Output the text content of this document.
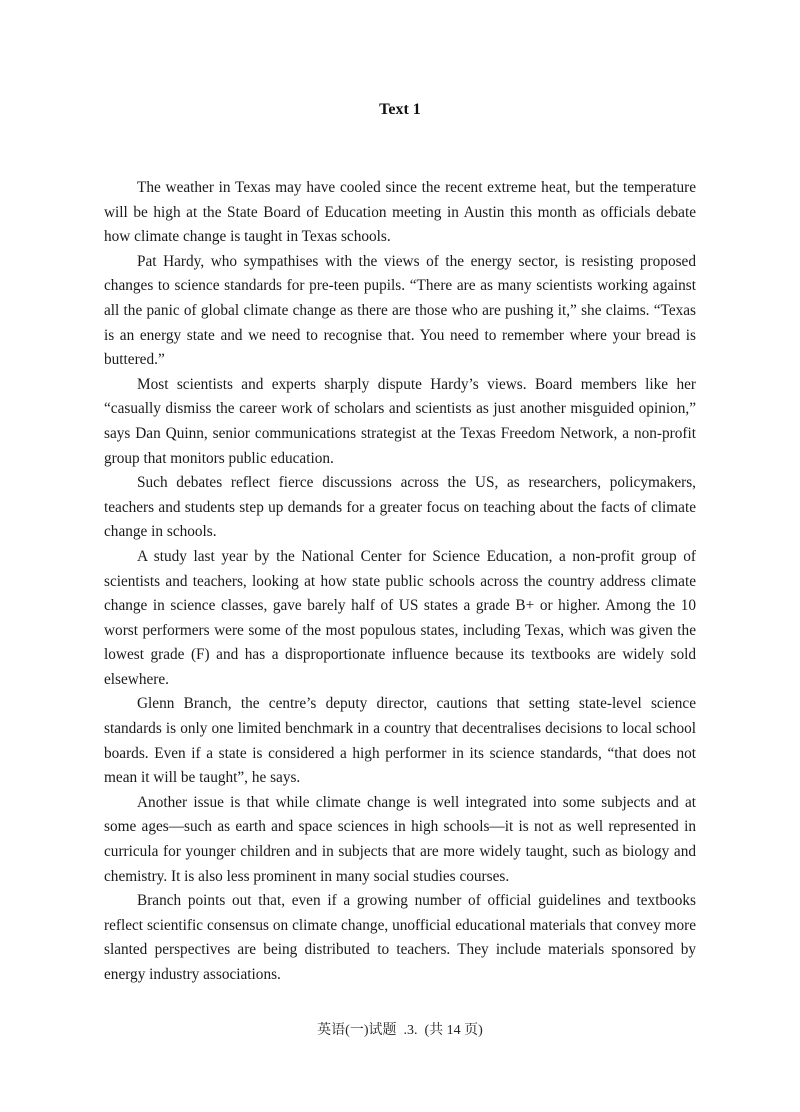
Text 1

The weather in Texas may have cooled since the recent extreme heat, but the temperature will be high at the State Board of Education meeting in Austin this month as officials debate how climate change is taught in Texas schools.

Pat Hardy, who sympathises with the views of the energy sector, is resisting proposed changes to science standards for pre-teen pupils. “There are as many scientists working against all the panic of global climate change as there are those who are pushing it,” she claims. “Texas is an energy state and we need to recognise that. You need to remember where your bread is buttered.”

Most scientists and experts sharply dispute Hardy’s views. Board members like her “casually dismiss the career work of scholars and scientists as just another misguided opinion,” says Dan Quinn, senior communications strategist at the Texas Freedom Network, a non-profit group that monitors public education.

Such debates reflect fierce discussions across the US, as researchers, policymakers, teachers and students step up demands for a greater focus on teaching about the facts of climate change in schools.

A study last year by the National Center for Science Education, a non-profit group of scientists and teachers, looking at how state public schools across the country address climate change in science classes, gave barely half of US states a grade B+ or higher. Among the 10 worst performers were some of the most populous states, including Texas, which was given the lowest grade (F) and has a disproportionate influence because its textbooks are widely sold elsewhere.

Glenn Branch, the centre’s deputy director, cautions that setting state-level science standards is only one limited benchmark in a country that decentralises decisions to local school boards. Even if a state is considered a high performer in its science standards, “that does not mean it will be taught”, he says.

Another issue is that while climate change is well integrated into some subjects and at some ages—such as earth and space sciences in high schools—it is not as well represented in curricula for younger children and in subjects that are more widely taught, such as biology and chemistry. It is also less prominent in many social studies courses.

Branch points out that, even if a growing number of official guidelines and textbooks reflect scientific consensus on climate change, unofficial educational materials that convey more slanted perspectives are being distributed to teachers. They include materials sponsored by energy industry associations.

英语(一)试题  .3.  (共 14 页)
